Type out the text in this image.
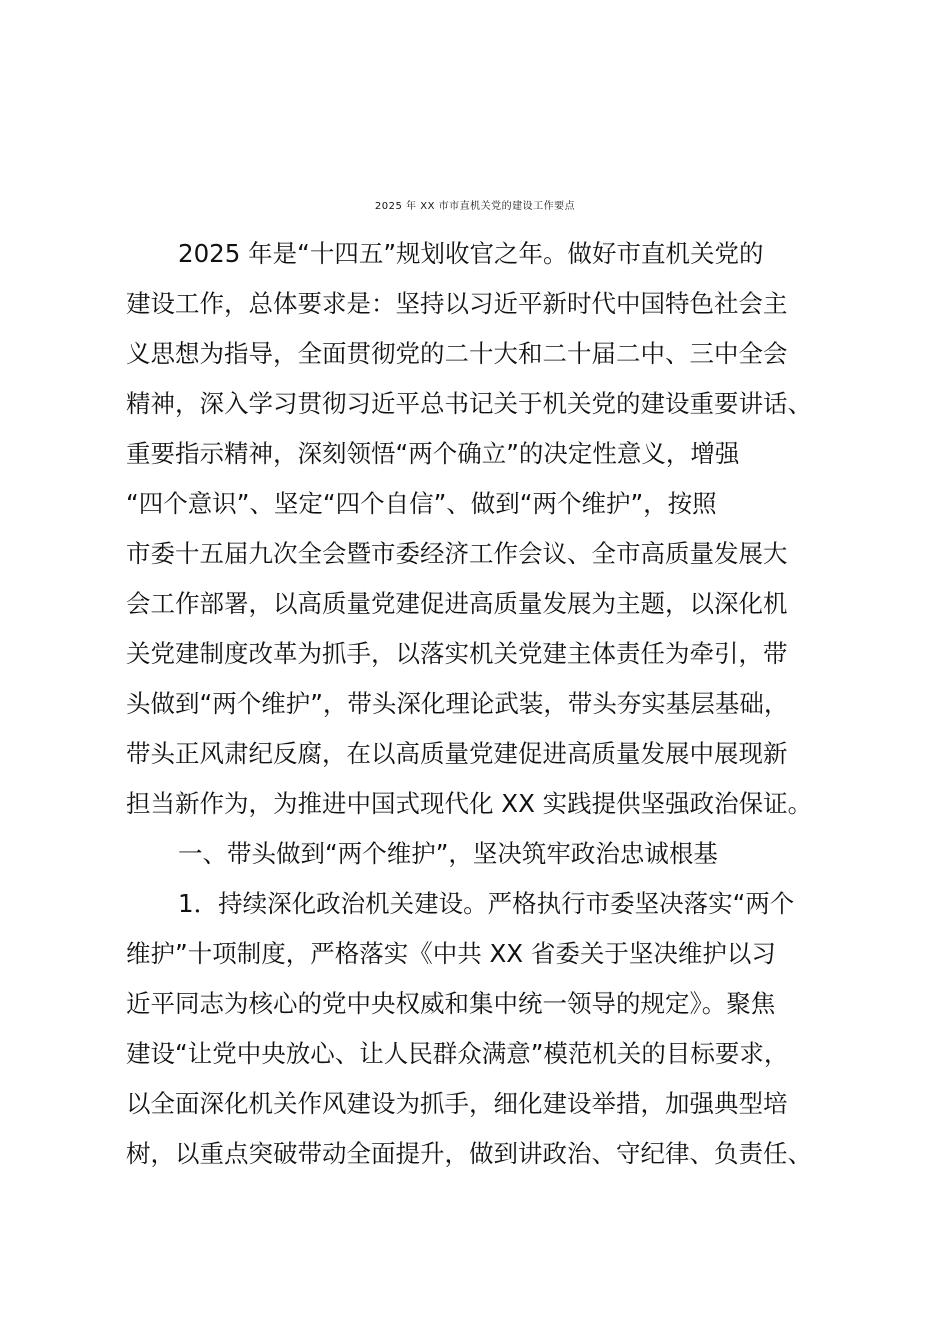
2025 年 XX 市市直机关党的建设工作要点
2025 年是“十四五”规划收官之年。做好市直机关党的
建设工作，总体要求是：坚持以习近平新时代中国特色社会主
义思想为指导，全面贯彻党的二十大和二十届二中、三中全会
精神，深入学习贯彻习近平总书记关于机关党的建设重要讲话、
重要指示精神，深刻领悟“两个确立”的决定性意义，增强
“四个意识”、坚定“四个自信”、做到“两个维护”，按照
市委十五届九次全会暨市委经济工作会议、全市高质量发展大
会工作部署，以高质量党建促进高质量发展为主题，以深化机
关党建制度改革为抓手，以落实机关党建主体责任为牵引，带
头做到“两个维护”，带头深化理论武装，带头夯实基层基础，
带头正风肃纪反腐，在以高质量党建促进高质量发展中展现新
担当新作为，为推进中国式现代化 XX 实践提供坚强政治保证。
一、带头做到“两个维护”，坚决筑牢政治忠诚根基
1．持续深化政治机关建设。严格执行市委坚决落实“两个
维护”十项制度，严格落实《中共 XX 省委关于坚决维护以习
近平同志为核心的党中央权威和集中统一领导的规定》。聚焦
建设“让党中央放心、让人民群众满意”模范机关的目标要求，
以全面深化机关作风建设为抓手，细化建设举措，加强典型培
树，以重点突破带动全面提升，做到讲政治、守纪律、负责任、
